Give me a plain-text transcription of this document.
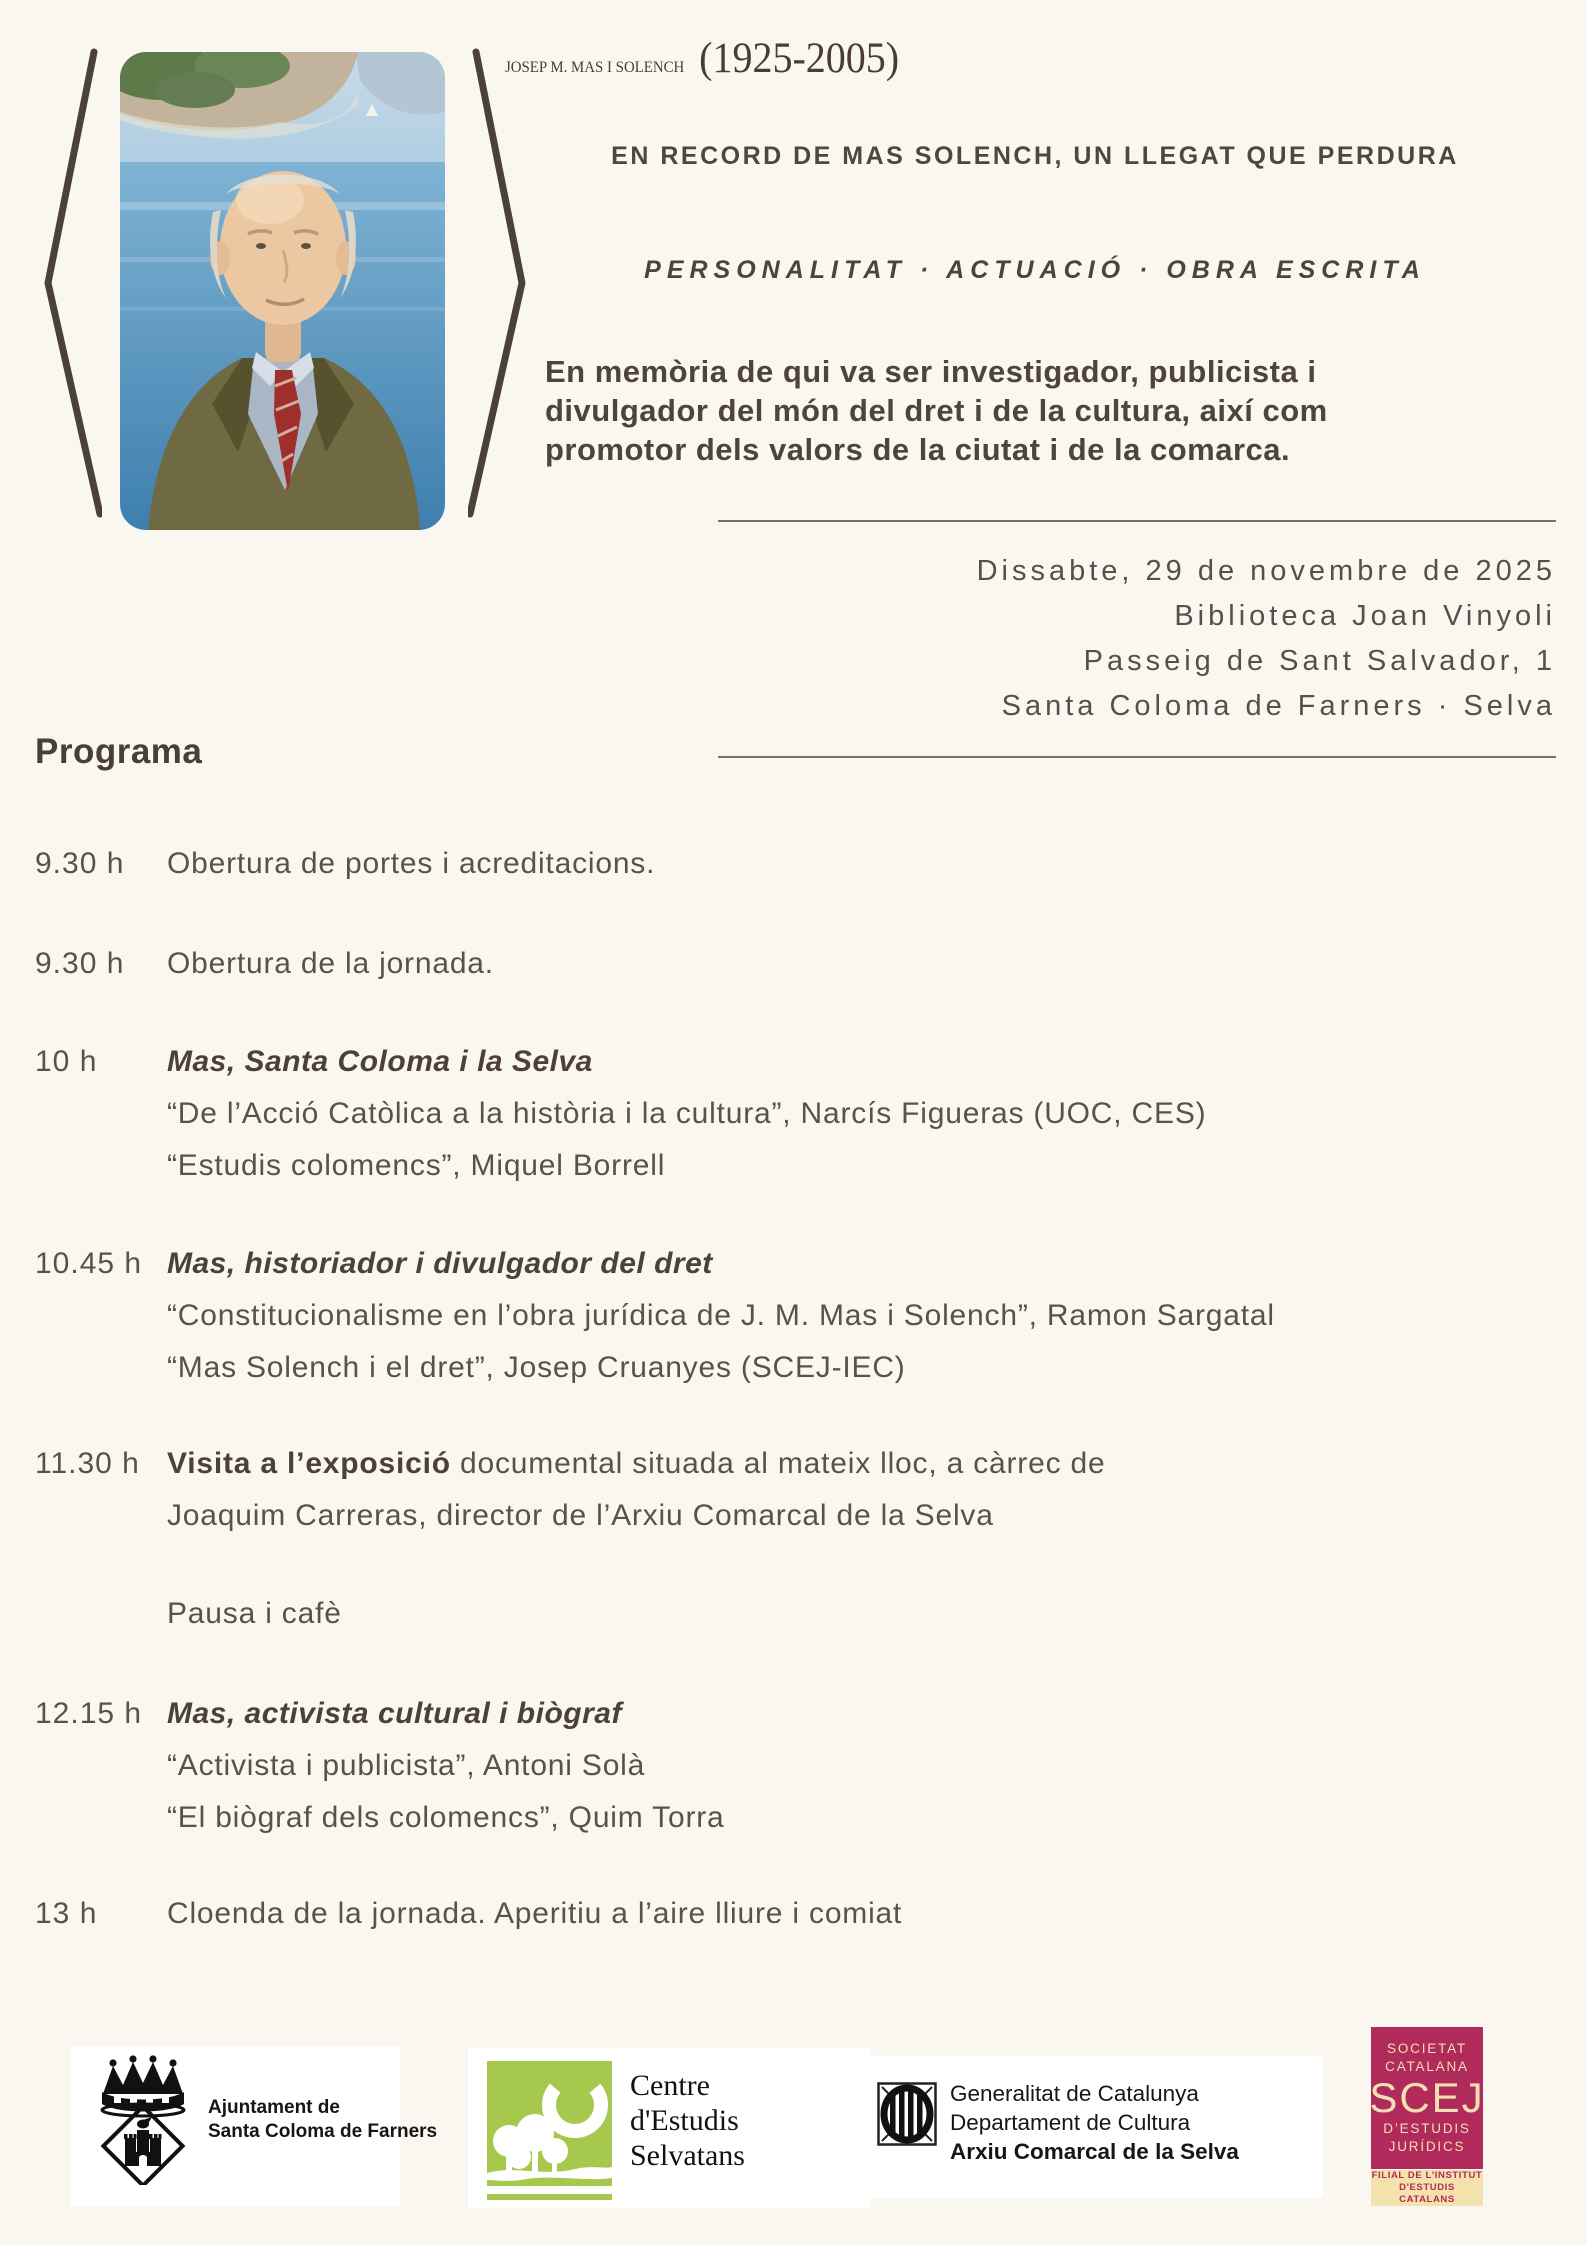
JOSEP M. MAS I SOLENCH (1925-2005)
EN RECORD DE MAS SOLENCH, UN LLEGAT QUE PERDURA
PERSONALITAT · ACTUACIÓ · OBRA ESCRITA
En memòria de qui va ser investigador, publicista i
divulgador del món del dret i de la cultura, així com
promotor dels valors de la ciutat i de la comarca.
Dissabte, 29 de novembre de 2025
Biblioteca Joan Vinyoli
Passeig de Sant Salvador, 1
Santa Coloma de Farners · Selva
Programa
9.30 h	Obertura de portes i acreditacions.
9.30 h	Obertura de la jornada.
10 h	Mas, Santa Coloma i la Selva
“De l’Acció Catòlica a la història i la cultura”, Narcís Figueras (UOC, CES)
“Estudis colomencs”, Miquel Borrell
10.45 h Mas, historiador i divulgador del dret
“Constitucionalisme en l’obra jurídica de J. M. Mas i Solench”, Ramon Sargatal
“Mas Solench i el dret”, Josep Cruanyes (SCEJ-IEC)
11.30 h Visita a l’exposició documental situada al mateix lloc, a càrrec de
Joaquim Carreras, director de l’Arxiu Comarcal de la Selva
Pausa i cafè
12.15 h Mas, activista cultural i biògraf
“Activista i publicista”, Antoni Solà
“El biògraf dels colomencs”, Quim Torra
13 h	Cloenda de la jornada. Aperitiu a l’aire lliure i comiat
Ajuntament de
Santa Coloma de Farners
Centre
d'Estudis
Selvatans
Generalitat de Catalunya
Departament de Cultura
Arxiu Comarcal de la Selva
SOCIETAT
CATALANA
SCEJ
D’ESTUDIS
JURÍDICS
FILIAL DE L'INSTITUT
D'ESTUDIS CATALANS
